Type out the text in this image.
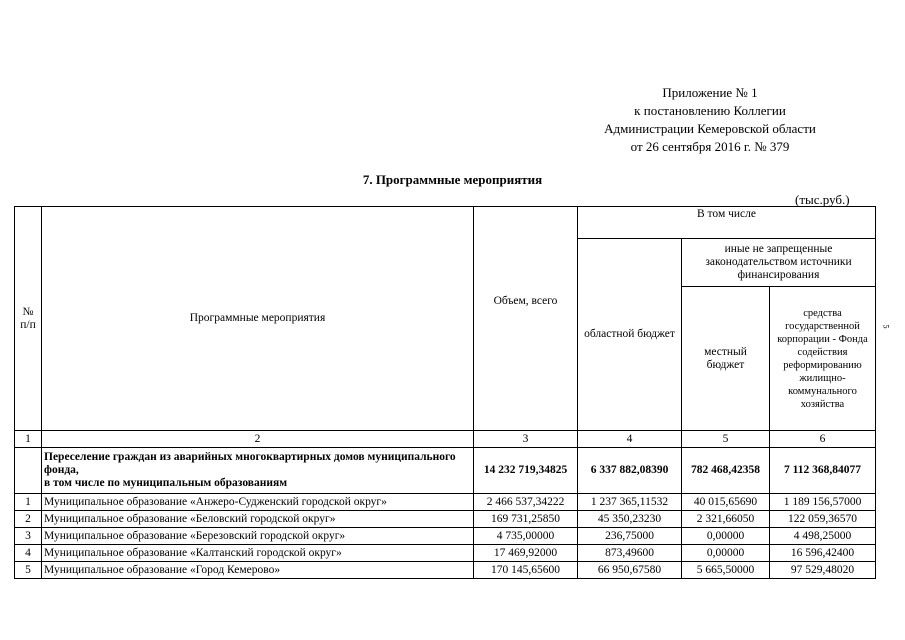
Приложение № 1
к постановлению Коллегии
Администрации Кемеровской области
от 26 сентября 2016 г. № 379
7. Программные мероприятия
(тыс.руб.)
5
№ п/п	Программные мероприятия	Объем, всего	В том числе		
			областной бюджет	иные не запрещенные законодательством источники финансирования	
				местный бюджет	средства государственной корпорации - Фонда содействия реформированию жилищно-коммунального хозяйства

1	2	3	4	5	6
	Переселение граждан из аварийных многоквартирных домов муниципального фонда,
в том числе по муниципальным образованиям	14 232 719,34825	6 337 882,08390	782 468,42358	7 112 368,84077
1	Муниципальное образование «Анжеро-Судженский городской округ»	2 466 537,34222	1 237 365,11532	40 015,65690	1 189 156,57000
2	Муниципальное образование «Беловский городской округ»	169 731,25850	45 350,23230	2 321,66050	122 059,36570
3	Муниципальное образование «Березовский городской округ»	4 735,00000	236,75000	0,00000	4 498,25000
4	Муниципальное образование «Калтанский городской округ»	17 469,92000	873,49600	0,00000	16 596,42400
5	Муниципальное образование «Город Кемерово»	170 145,65600	66 950,67580	5 665,50000	97 529,48020
